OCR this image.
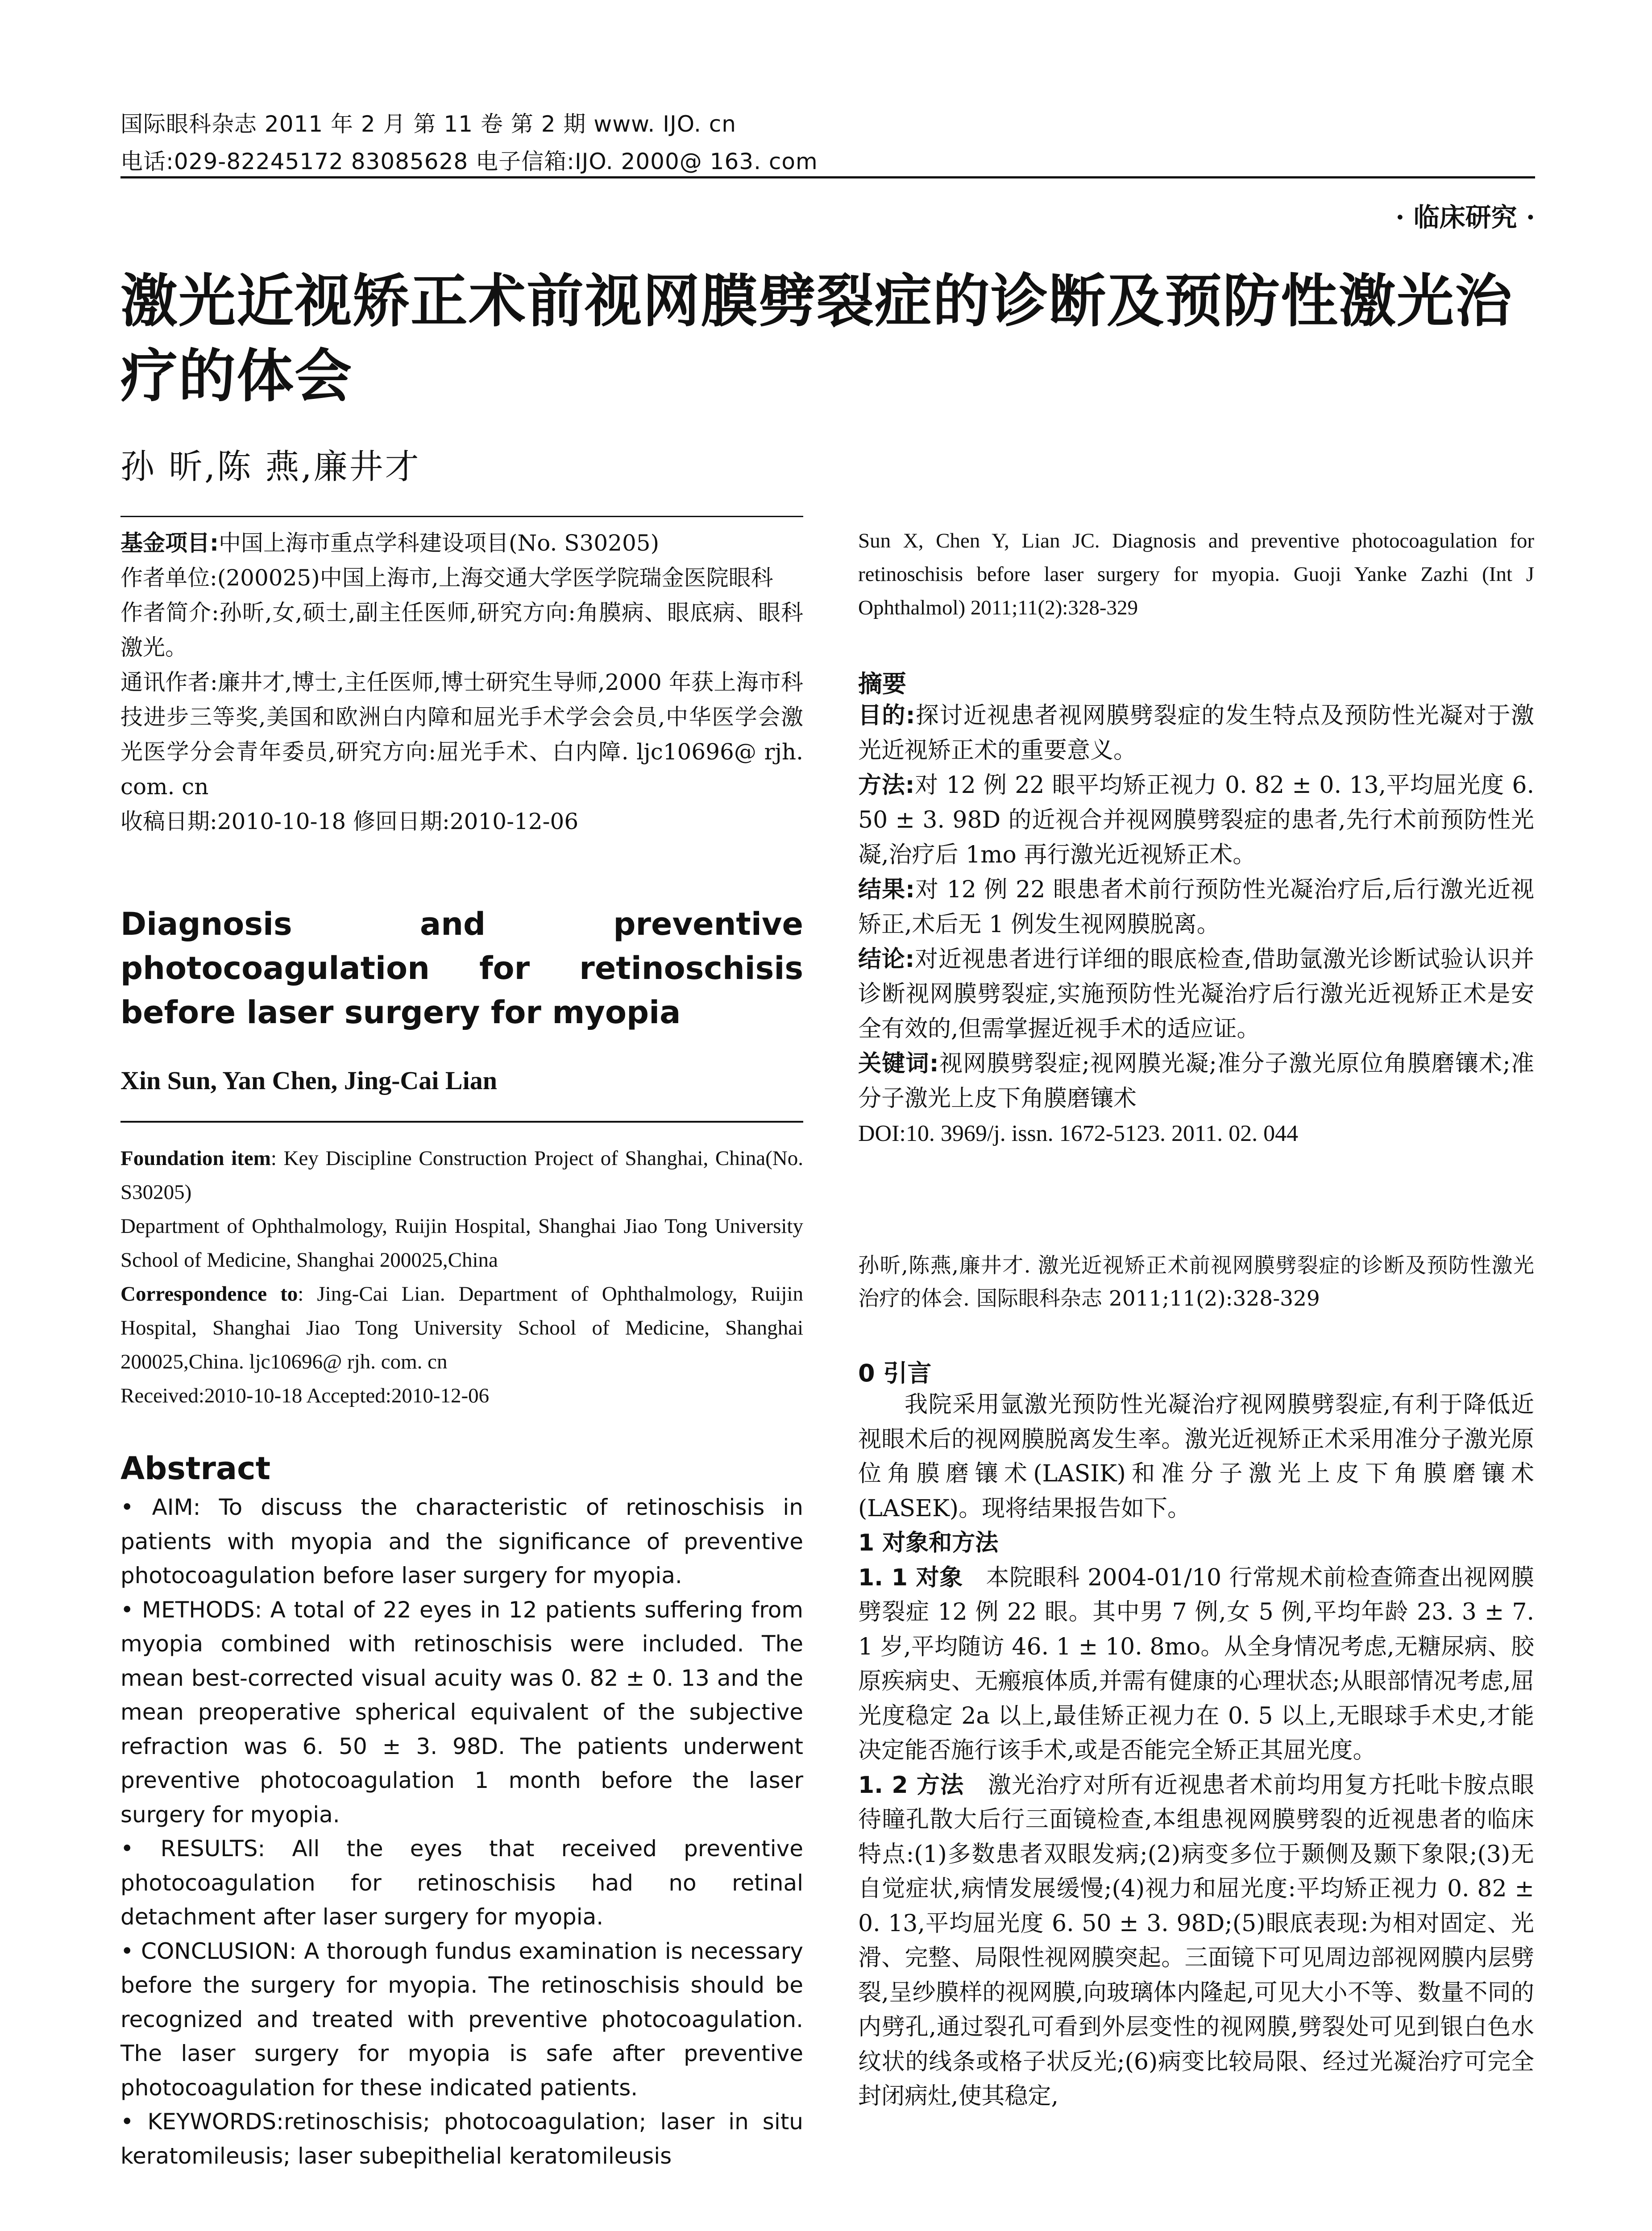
国际眼科杂志 2011 年 2 月 第 11 卷 第 2 期 www. IJO. cn
电话:029-82245172 83085628 电子信箱:IJO. 2000@ 163. com
· 临床研究 ·
激光近视矫正术前视网膜劈裂症的诊断及预防性激光治疗的体会
孙 昕,陈 燕,廉井才

基金项目:中国上海市重点学科建设项目(No. S30205)

作者单位:(200025)中国上海市,上海交通大学医学院瑞金医院眼科

作者简介:孙昕,女,硕士,副主任医师,研究方向:角膜病、眼底病、眼科激光。

通讯作者:廉井才,博士,主任医师,博士研究生导师,2000 年获上海市科技进步三等奖,美国和欧洲白内障和屈光手术学会会员,中华医学会激光医学分会青年委员,研究方向:屈光手术、白内障. ljc10696@ rjh. com. cn

收稿日期:2010-10-18 修回日期:2010-12-06

Diagnosis and preventive photocoagulation for retinoschisis before laser surgery for myopia
Xin Sun, Yan Chen, Jing-Cai Lian

Foundation item: Key Discipline Construction Project of Shanghai, China(No. S30205)

Department of Ophthalmology, Ruijin Hospital, Shanghai Jiao Tong University School of Medicine, Shanghai 200025,China

Correspondence to: Jing-Cai Lian. Department of Ophthalmology, Ruijin Hospital, Shanghai Jiao Tong University School of Medicine, Shanghai 200025,China. ljc10696@ rjh. com. cn

Received:2010-10-18 Accepted:2010-12-06

Abstract

• AIM: To discuss the characteristic of retinoschisis in patients with myopia and the significance of preventive photocoagulation before laser surgery for myopia.

• METHODS: A total of 22 eyes in 12 patients suffering from myopia combined with retinoschisis were included. The mean best-corrected visual acuity was 0. 82 ± 0. 13 and the mean preoperative spherical equivalent of the subjective refraction was 6. 50 ± 3. 98D. The patients underwent preventive photocoagulation 1 month before the laser surgery for myopia.

• RESULTS: All the eyes that received preventive photocoagulation for retinoschisis had no retinal detachment after laser surgery for myopia.

• CONCLUSION: A thorough fundus examination is necessary before the surgery for myopia. The retinoschisis should be recognized and treated with preventive photocoagulation. The laser surgery for myopia is safe after preventive photocoagulation for these indicated patients.

• KEYWORDS:retinoschisis; photocoagulation; laser in situ keratomileusis; laser subepithelial keratomileusis

Sun X, Chen Y, Lian JC. Diagnosis and preventive photocoagulation for retinoschisis before laser surgery for myopia. Guoji Yanke Zazhi (Int J Ophthalmol) 2011;11(2):328-329
摘要

目的:探讨近视患者视网膜劈裂症的发生特点及预防性光凝对于激光近视矫正术的重要意义。

方法:对 12 例 22 眼平均矫正视力 0. 82 ± 0. 13,平均屈光度 6. 50 ± 3. 98D 的近视合并视网膜劈裂症的患者,先行术前预防性光凝,治疗后 1mo 再行激光近视矫正术。

结果:对 12 例 22 眼患者术前行预防性光凝治疗后,后行激光近视矫正,术后无 1 例发生视网膜脱离。

结论:对近视患者进行详细的眼底检查,借助氩激光诊断试验认识并诊断视网膜劈裂症,实施预防性光凝治疗后行激光近视矫正术是安全有效的,但需掌握近视手术的适应证。

关键词:视网膜劈裂症;视网膜光凝;准分子激光原位角膜磨镶术;准分子激光上皮下角膜磨镶术

DOI:10. 3969/j. issn. 1672-5123. 2011. 02. 044

孙昕,陈燕,廉井才. 激光近视矫正术前视网膜劈裂症的诊断及预防性激光治疗的体会. 国际眼科杂志 2011;11(2):328-329
0 引言

我院采用氩激光预防性光凝治疗视网膜劈裂症,有利于降低近视眼术后的视网膜脱离发生率。激光近视矫正术采用准分子激光原位角膜磨镶术(LASIK)和准分子激光上皮下角膜磨镶术(LASEK)。现将结果报告如下。

1 对象和方法

1. 1 对象 本院眼科 2004-01/10 行常规术前检查筛查出视网膜劈裂症 12 例 22 眼。其中男 7 例,女 5 例,平均年龄 23. 3 ± 7. 1 岁,平均随访 46. 1 ± 10. 8mo。从全身情况考虑,无糖尿病、胶原疾病史、无瘢痕体质,并需有健康的心理状态;从眼部情况考虑,屈光度稳定 2a 以上,最佳矫正视力在 0. 5 以上,无眼球手术史,才能决定能否施行该手术,或是否能完全矫正其屈光度。

1. 2 方法 激光治疗对所有近视患者术前均用复方托吡卡胺点眼待瞳孔散大后行三面镜检查,本组患视网膜劈裂的近视患者的临床特点:(1)多数患者双眼发病;(2)病变多位于颞侧及颞下象限;(3)无自觉症状,病情发展缓慢;(4)视力和屈光度:平均矫正视力 0. 82 ± 0. 13,平均屈光度 6. 50 ± 3. 98D;(5)眼底表现:为相对固定、光滑、完整、局限性视网膜突起。三面镜下可见周边部视网膜内层劈裂,呈纱膜样的视网膜,向玻璃体内隆起,可见大小不等、数量不同的内劈孔,通过裂孔可看到外层变性的视网膜,劈裂处可见到银白色水纹状的线条或格子状反光;(6)病变比较局限、经过光凝治疗可完全封闭病灶,使其稳定,
